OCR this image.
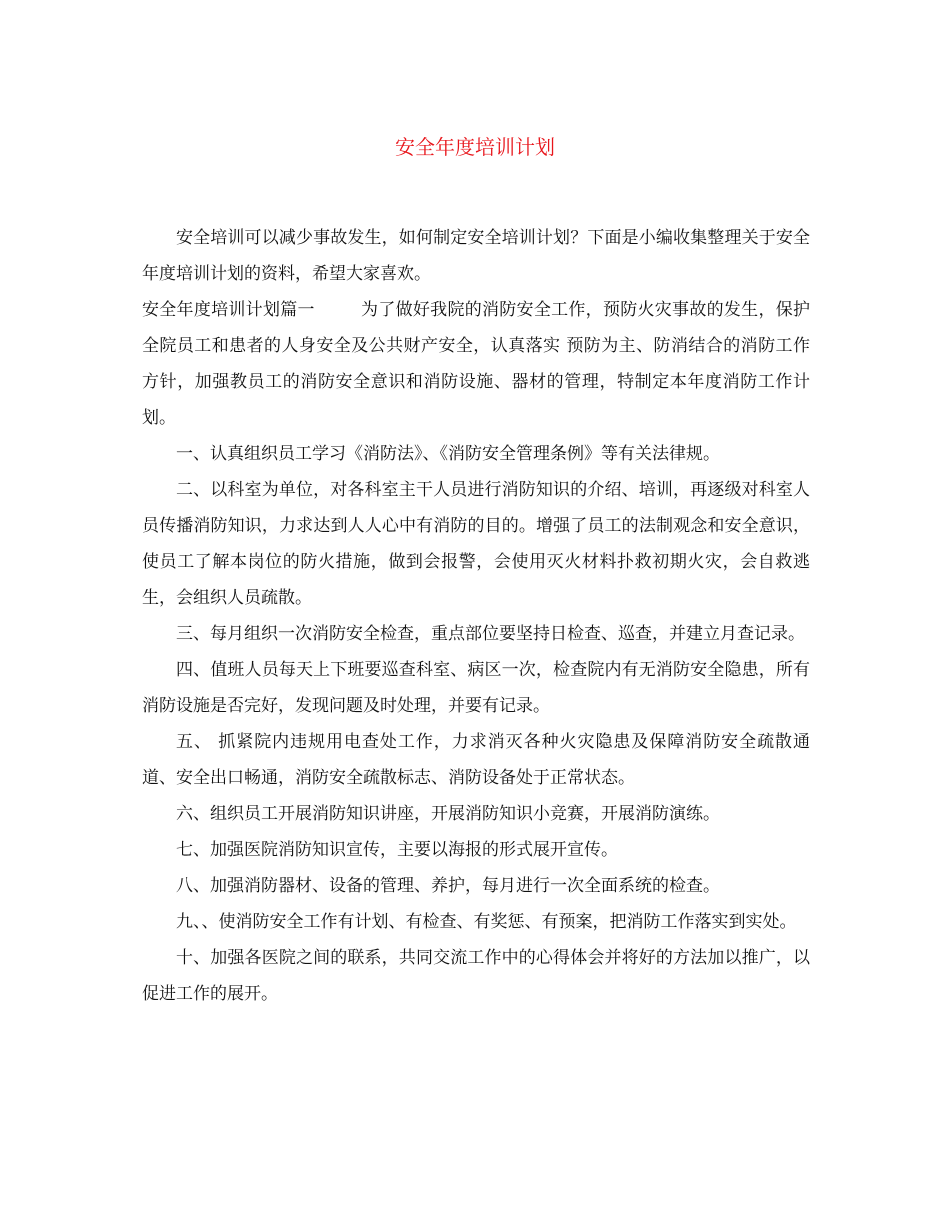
安全年度培训计划

安全培训可以减少事故发生，如何制定安全培训计划？下面是小编收集整理关于安全年度培训计划的资料，希望大家喜欢。

安全年度培训计划篇一	为了做好我院的消防安全工作，预防火灾事故的发生，保护全院员工和患者的人身安全及公共财产安全，认真落实 预防为主、防消结合的消防工作方针，加强教员工的消防安全意识和消防设施、器材的管理，特制定本年度消防工作计划。

一、认真组织员工学习《消防法》、《消防安全管理条例》等有关法律规。

二、以科室为单位，对各科室主干人员进行消防知识的介绍、培训，再逐级对科室人员传播消防知识，力求达到人人心中有消防的目的。增强了员工的法制观念和安全意识，使员工了解本岗位的防火措施，做到会报警，会使用灭火材料扑救初期火灾，会自救逃生，会组织人员疏散。

三、每月组织一次消防安全检查，重点部位要坚持日检查、巡查，并建立月查记录。

四、值班人员每天上下班要巡查科室、病区一次，检查院内有无消防安全隐患，所有消防设施是否完好，发现问题及时处理，并要有记录。

五、 抓紧院内违规用电查处工作，力求消灭各种火灾隐患及保障消防安全疏散通道、安全出口畅通，消防安全疏散标志、消防设备处于正常状态。

六、组织员工开展消防知识讲座，开展消防知识小竞赛，开展消防演练。

七、加强医院消防知识宣传，主要以海报的形式展开宣传。

八、加强消防器材、设备的管理、养护，每月进行一次全面系统的检查。

九、、使消防安全工作有计划、有检查、有奖惩、有预案，把消防工作落实到实处。

十、加强各医院之间的联系，共同交流工作中的心得体会并将好的方法加以推广，以促进工作的展开。
